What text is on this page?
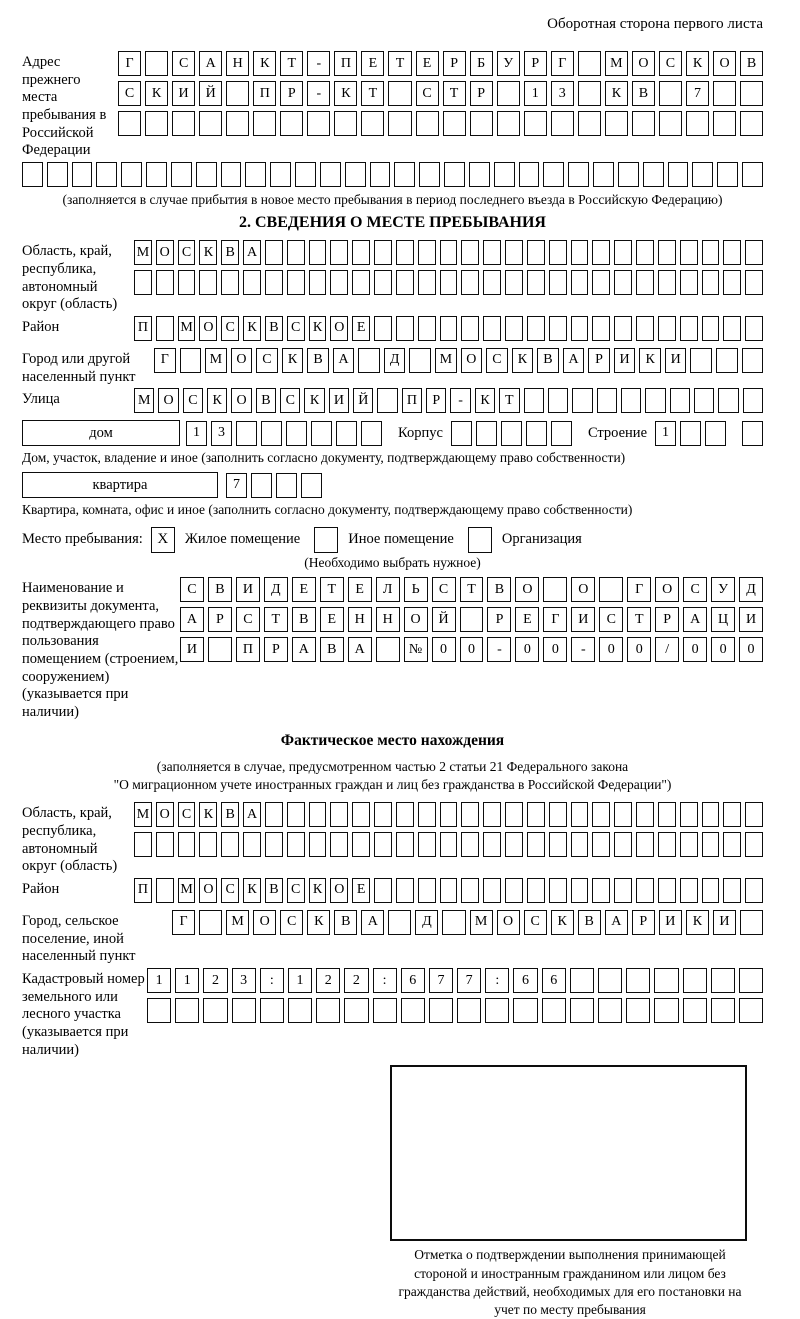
Оборотная сторона первого листа
Адрес прежнего места пребывания в Российской Федерации
Г	С	А	Н	К	Т	-	П	Е	Т	Е	Р	Б	У	Р	Г	М	О	С	К	О	В
С	К	И	Й	П	Р	-	К	Т	С	Т	Р	1	3	К	В	7
(заполняется в случае прибытия в новое место пребывания в период последнего въезда в Российскую Федерацию)
2. СВЕДЕНИЯ О МЕСТЕ ПРЕБЫВАНИЯ
Область, край, республика, автономный округ (область)
М О С К В А
Район	П М О С К В С К О Е
Город или другой населенный пункт
Г	М	О	С	К	В	А	Д	М	О	С	К	В	А	Р	И	К	И
Улица	М О	С	К	О	В	С	К	И	Й	П	Р	-	К	Т
дом	1	3	Корпус	Строение	1
Дом, участок, владение и иное (заполнить согласно документу, подтверждающему право собственности)
квартира	7
Квартира, комната, офис и иное (заполнить согласно документу, подтверждающему право собственности)
Место пребывания: X	Жилое помещение	Иное помещение	Организация
(Необходимо выбрать нужное)
Наименование и реквизиты документа, подтверждающего право пользования помещением (строением, сооружением) (указывается при наличии)
С	В	И	Д	Е	Т	Е	Л	Ь	С	Т	В	О	О	Г	О	С	У	Д
А	Р	С	Т	В	Е	Н	Н	О	Й	Р	Е	Г	И	С	Т	Р	А	Ц	И
И	П	Р	А	В	А	№	0	0	-	0	0	-	0	0	/	0	0	0
Фактическое место нахождения
(заполняется в случае, предусмотренном частью 2 статьи 21 Федерального закона
"О миграционном учете иностранных граждан и лиц без гражданства в Российской Федерации")
Область, край, республика, автономный округ (область)
М О С К В А
Район	П М О С К В С К О Е
Город, сельское поселение, иной населенный пункт
Г	М	О	С	К	В	А	Д	М	О	С	К	В	А	Р	И	К	И
Кадастровый номер земельного или лесного участка (указывается при наличии)
1	1	2	3	:	1	2	2	:	6	7	7	:	6	6
Отметка о подтверждении выполнения принимающей стороной и иностранным гражданином или лицом без гражданства действий, необходимых для его постановки на учет по месту пребывания
